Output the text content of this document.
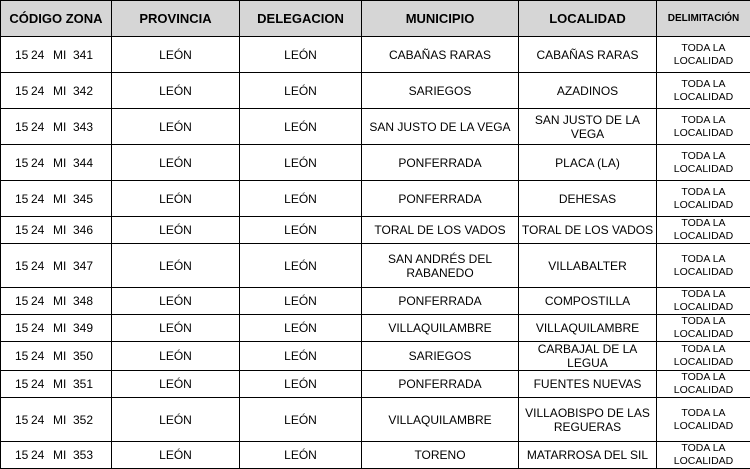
CÓDIGO ZONA	PROVINCIA	DELEGACION	MUNICIPIO	LOCALIDAD	DELIMITACIÓN
15 24 MI 341	LEÓN	LEÓN	CABAÑAS RARAS	CABAÑAS RARAS	TODA LA
LOCALIDAD
15 24 MI 342	LEÓN	LEÓN	SARIEGOS	AZADINOS	TODA LA
LOCALIDAD
15 24 MI 343	LEÓN	LEÓN	SAN JUSTO DE LA VEGA	SAN JUSTO DE LA VEGA	TODA LA
LOCALIDAD
15 24 MI 344	LEÓN	LEÓN	PONFERRADA	PLACA (LA)	TODA LA
LOCALIDAD
15 24 MI 345	LEÓN	LEÓN	PONFERRADA	DEHESAS	TODA LA
LOCALIDAD
15 24 MI 346	LEÓN	LEÓN	TORAL DE LOS VADOS	TORAL DE LOS VADOS	TODA LA
LOCALIDAD
15 24 MI 347	LEÓN	LEÓN	SAN ANDRÉS DEL RABANEDO	VILLABALTER	TODA LA
LOCALIDAD
15 24 MI 348	LEÓN	LEÓN	PONFERRADA	COMPOSTILLA	TODA LA
LOCALIDAD
15 24 MI 349	LEÓN	LEÓN	VILLAQUILAMBRE	VILLAQUILAMBRE	TODA LA
LOCALIDAD
15 24 MI 350	LEÓN	LEÓN	SARIEGOS	CARBAJAL DE LA LEGUA	TODA LA
LOCALIDAD
15 24 MI 351	LEÓN	LEÓN	PONFERRADA	FUENTES NUEVAS	TODA LA
LOCALIDAD
15 24 MI 352	LEÓN	LEÓN	VILLAQUILAMBRE	VILLAOBISPO DE LAS REGUERAS	TODA LA
LOCALIDAD
15 24 MI 353	LEÓN	LEÓN	TORENO	MATARROSA DEL SIL	TODA LA
LOCALIDAD
